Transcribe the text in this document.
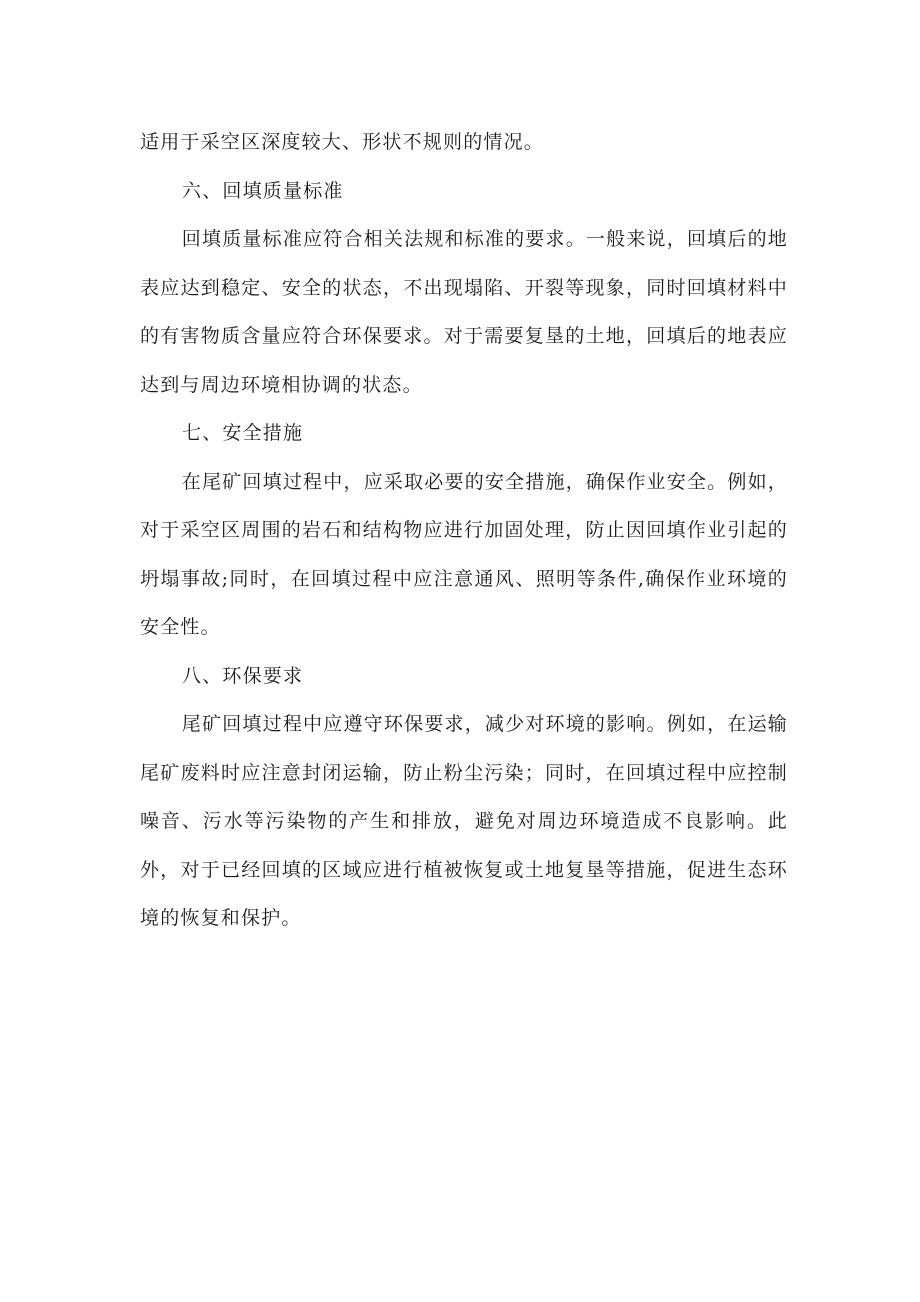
适用于采空区深度较大、形状不规则的情况。

六、回填质量标准

回填质量标准应符合相关法规和标准的要求。一般来说，回填后的地表应达到稳定、安全的状态，不出现塌陷、开裂等现象，同时回填材料中的有害物质含量应符合环保要求。对于需要复垦的土地，回填后的地表应达到与周边环境相协调的状态。

七、安全措施

在尾矿回填过程中，应采取必要的安全措施，确保作业安全。例如，对于采空区周围的岩石和结构物应进行加固处理，防止因回填作业引起的坍塌事故;同时，在回填过程中应注意通风、照明等条件,确保作业环境的安全性。

八、环保要求

尾矿回填过程中应遵守环保要求，减少对环境的影响。例如，在运输尾矿废料时应注意封闭运输，防止粉尘污染；同时，在回填过程中应控制噪音、污水等污染物的产生和排放，避免对周边环境造成不良影响。此外，对于已经回填的区域应进行植被恢复或土地复垦等措施，促进生态环境的恢复和保护。
